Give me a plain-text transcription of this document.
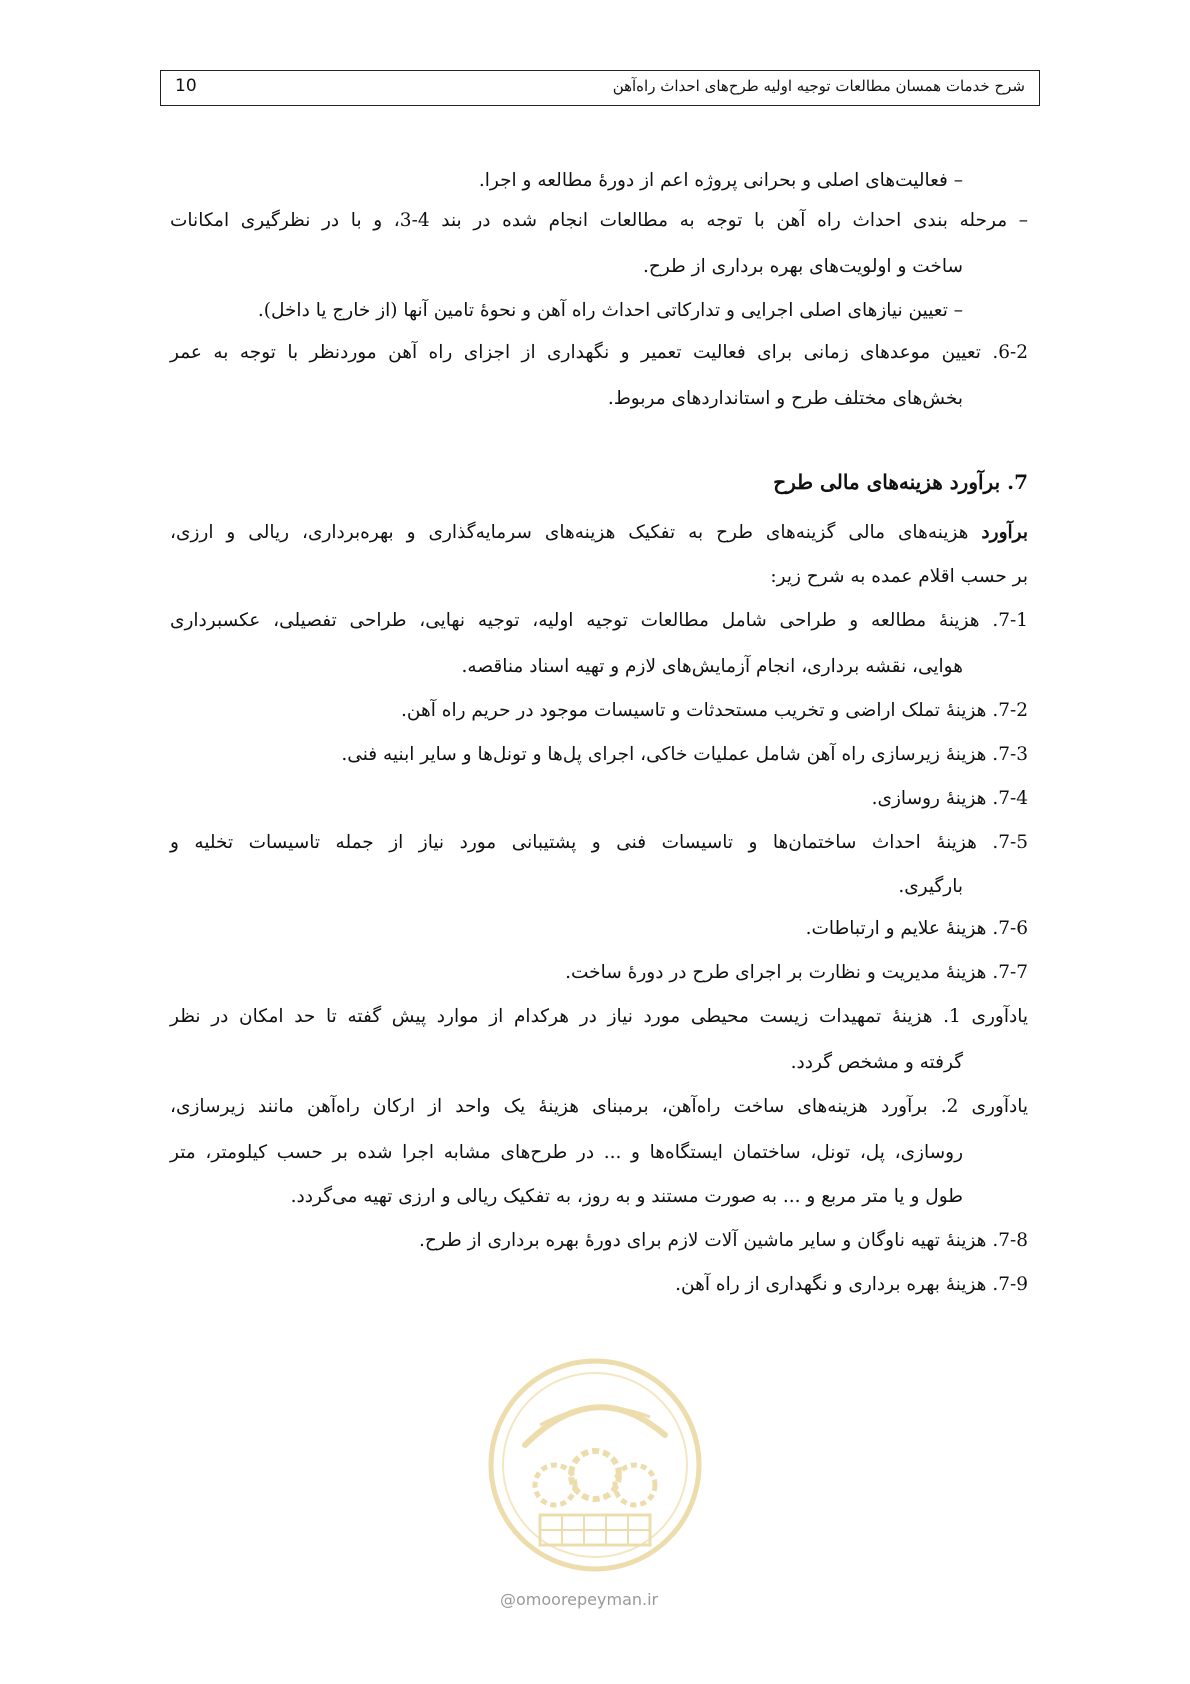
شرح خدمات همسان مطالعات توجیه اولیه طرح‌های احداث راه‌آهن
10
– فعالیت‌های اصلی و بحرانی پروژه اعم از دورۀ مطالعه و اجرا.
– مرحله بندی احداث راه آهن با توجه به مطالعات انجام شده در بند 4-3، و با در نظرگیری امکانات
ساخت و اولویت‌های بهره برداری از طرح.
– تعیین نیازهای اصلی اجرایی و تدارکاتی احداث راه آهن و نحوۀ تامین آنها (از خارج یا داخل).
6-2. تعیین موعدهای زمانی برای فعالیت تعمیر و نگهداری از اجزای راه آهن موردنظر با توجه به عمر
بخش‌های مختلف طرح و استانداردهای مربوط.
7. برآورد هزینه‌های مالی طرح
برآورد هزینه‌های مالی گزینه‌های طرح به تفکیک هزینه‌های سرمایه‌گذاری و بهره‌برداری، ریالی و ارزی،
بر حسب اقلام عمده به شرح زیر:
7-1. هزینۀ مطالعه و طراحی شامل مطالعات توجیه اولیه، توجیه نهایی، طراحی تفصیلی، عکسبرداری
هوایی، نقشه برداری، انجام آزمایش‌های لازم و تهیه اسناد مناقصه.
7-2. هزینۀ تملک اراضی و تخریب مستحدثات و تاسیسات موجود در حریم راه آهن.
7-3. هزینۀ زیرسازی راه آهن شامل عملیات خاکی، اجرای پل‌ها و تونل‌ها و سایر ابنیه فنی.
7-4. هزینۀ روسازی.
7-5. هزینۀ احداث ساختمان‌ها و تاسیسات فنی و پشتیبانی مورد نیاز از جمله تاسیسات تخلیه و
بارگیری.
7-6. هزینۀ علایم و ارتباطات.
7-7. هزینۀ مدیریت و نظارت بر اجرای طرح در دورۀ ساخت.
یادآوری 1. هزینۀ تمهیدات زیست محیطی مورد نیاز در هرکدام از موارد پیش گفته تا حد امکان در نظر
گرفته و مشخص گردد.
یادآوری 2. برآورد هزینه‌های ساخت راه‌آهن، برمبنای هزینۀ یک واحد از ارکان راه‌آهن مانند زیرسازی،
روسازی، پل، تونل، ساختمان ایستگاه‌ها و ... در طرح‌های مشابه اجرا شده بر حسب کیلومتر، متر
طول و یا متر مربع و ... به صورت مستند و به روز، به تفکیک ریالی و ارزی تهیه می‌گردد.
7-8. هزینۀ تهیه ناوگان و سایر ماشین آلات لازم برای دورۀ بهره برداری از طرح.
7-9. هزینۀ بهره برداری و نگهداری از راه آهن.
@omoorepeyman.ir
